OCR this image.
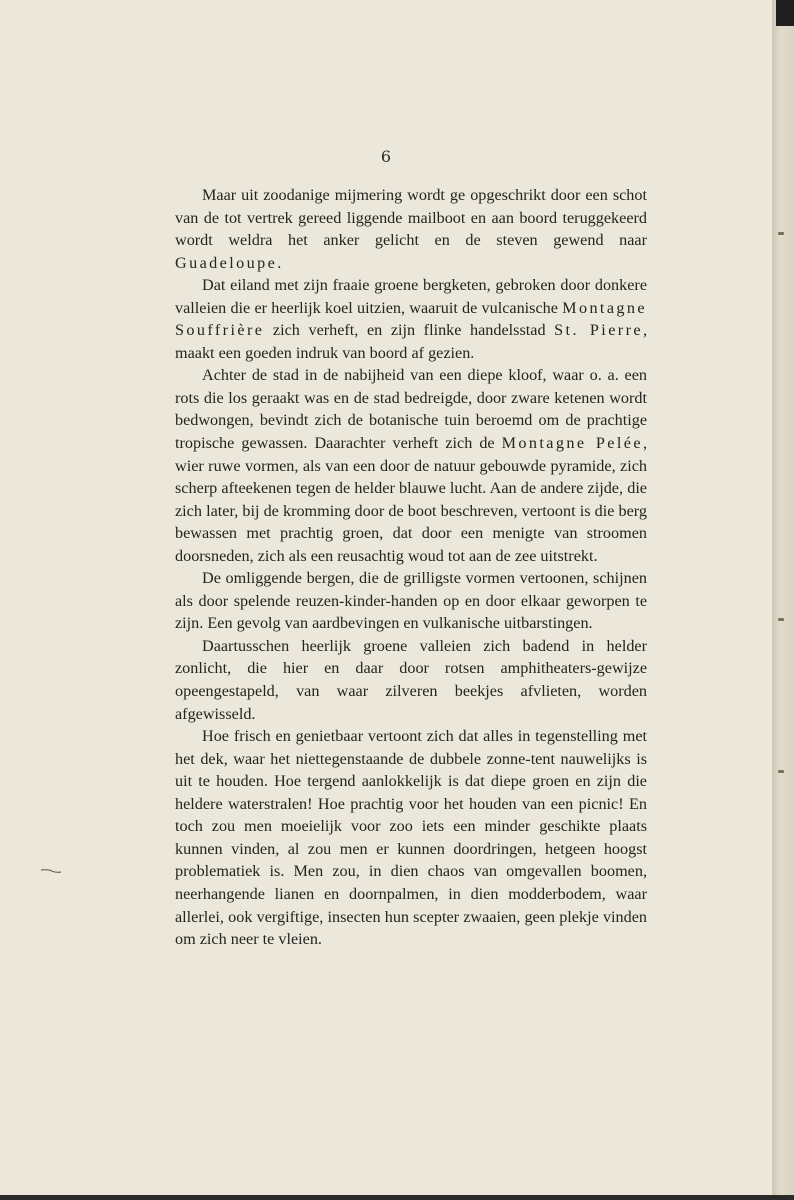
6

Maar uit zoodanige mijmering wordt ge opgeschrikt door een schot van de tot vertrek gereed liggende mailboot en aan boord teruggekeerd wordt weldra het anker gelicht en de steven gewend naar Guadeloupe.

Dat eiland met zijn fraaie groene bergketen, gebroken door donkere valleien die er heerlijk koel uitzien, waaruit de vulcanische Montagne Souffrière zich verheft, en zijn flinke handelsstad St. Pierre, maakt een goeden indruk van boord af gezien.

Achter de stad in de nabijheid van een diepe kloof, waar o. a. een rots die los geraakt was en de stad bedreigde, door zware ketenen wordt bedwongen, bevindt zich de botanische tuin beroemd om de prachtige tropische gewassen. Daarachter verheft zich de Montagne Pelée, wier ruwe vormen, als van een door de natuur gebouwde pyramide, zich scherp afteekenen tegen de helder blauwe lucht. Aan de andere zijde, die zich later, bij de kromming door de boot beschreven, vertoont is die berg bewassen met prachtig groen, dat door een menigte van stroomen doorsneden, zich als een reusachtig woud tot aan de zee uitstrekt.

De omliggende bergen, die de grilligste vormen vertoonen, schijnen als door spelende reuzen-kinder-handen op en door elkaar geworpen te zijn. Een gevolg van aardbevingen en vulkanische uitbarstingen.

Daartusschen heerlijk groene valleien zich badend in helder zonlicht, die hier en daar door rotsen amphitheaters-gewijze opeengestapeld, van waar zilveren beekjes afvlieten, worden afgewisseld.

Hoe frisch en genietbaar vertoont zich dat alles in tegenstelling met het dek, waar het niettegenstaande de dubbele zonne-tent nauwelijks is uit te houden. Hoe tergend aanlokkelijk is dat diepe groen en zijn die heldere waterstralen! Hoe prachtig voor het houden van een picnic! En toch zou men moeielijk voor zoo iets een minder geschikte plaats kunnen vinden, al zou men er kunnen doordringen, hetgeen hoogst problematiek is. Men zou, in dien chaos van omgevallen boomen, neerhangende lianen en doornpalmen, in dien modderbodem, waar allerlei, ook vergiftige, insecten hun scepter zwaaien, geen plekje vinden om zich neer te vleien.
